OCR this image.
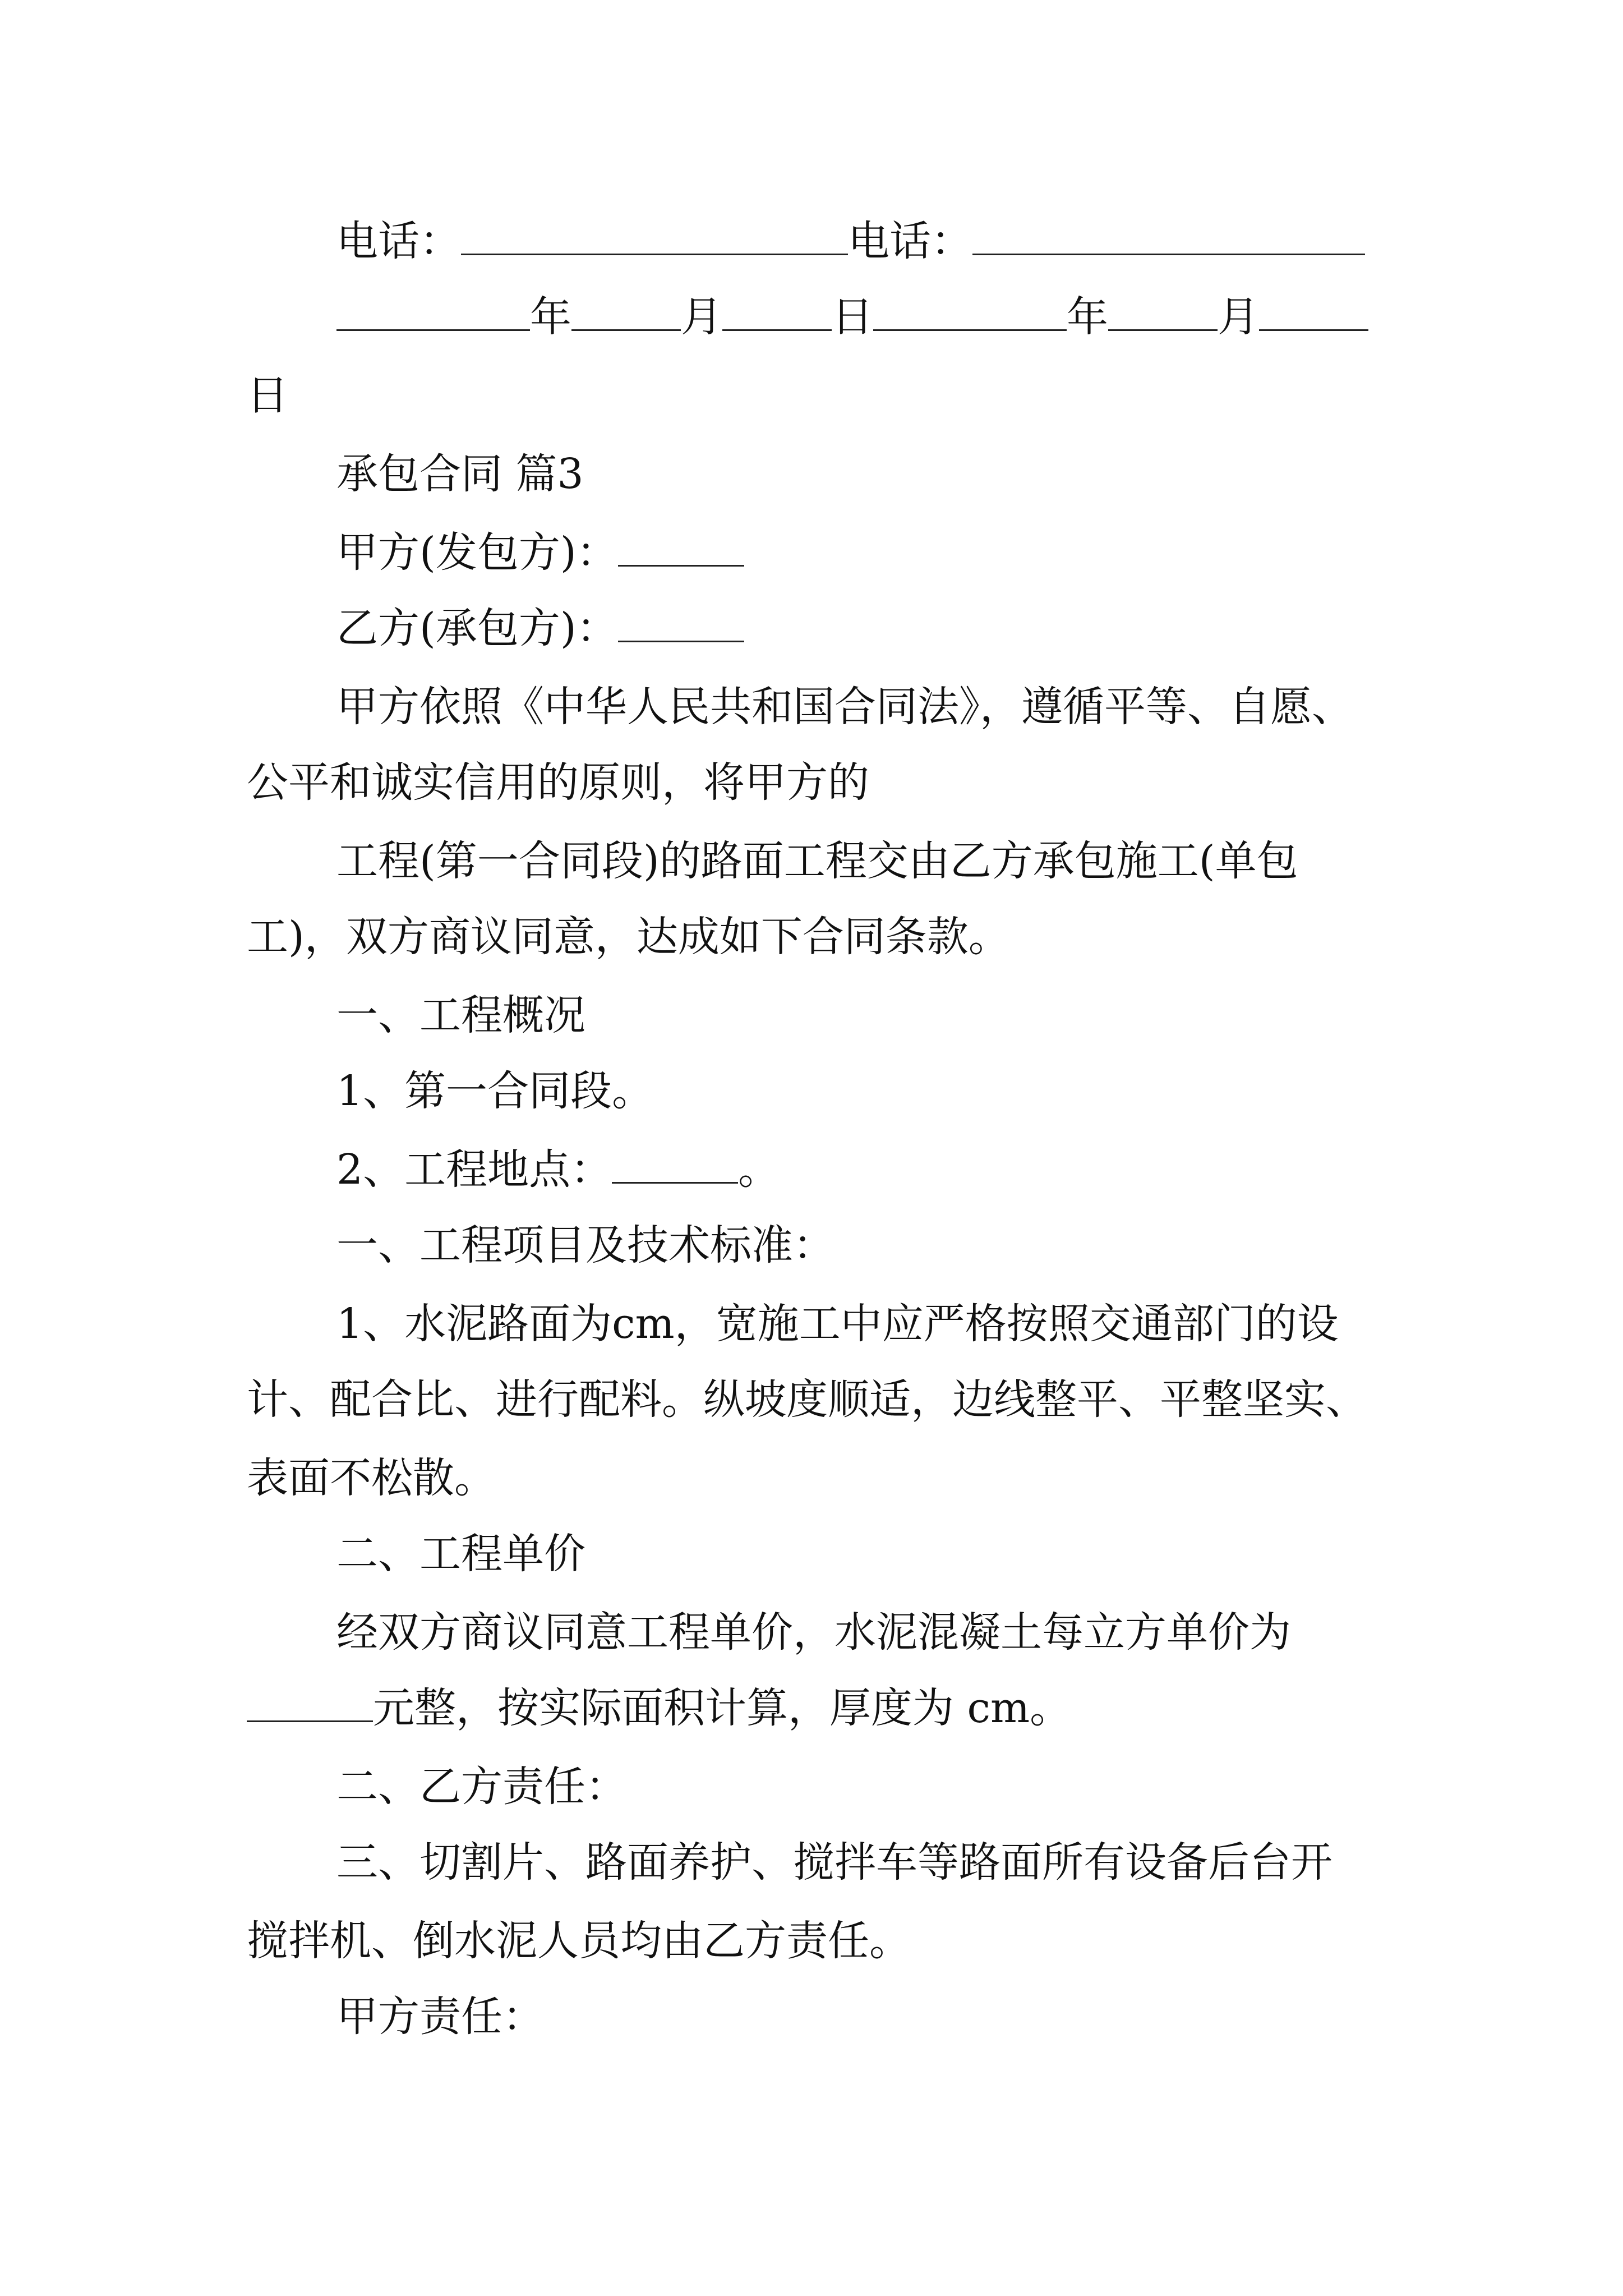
电话：	电话：
年	月	日	年	月
日
承包合同 篇3
甲方(发包方)：
乙方(承包方)：
甲方依照《中华人民共和国合同法》，遵循平等、自愿、
公平和诚实信用的原则，将甲方的
工程(第一合同段)的路面工程交由乙方承包施工(单包
工)，双方商议同意，达成如下合同条款。
一、工程概况
1、第一合同段。
2、工程地点：	。
一、工程项目及技术标准：
1、水泥路面为cm，宽施工中应严格按照交通部门的设
计、配合比、进行配料。纵坡度顺适，边线整平、平整坚实、
表面不松散。
二、工程单价
经双方商议同意工程单价，水泥混凝土每立方单价为
元整，按实际面积计算，厚度为 cm。
二、乙方责任：
三、切割片、路面养护、搅拌车等路面所有设备后台开
搅拌机、倒水泥人员均由乙方责任。
甲方责任：
